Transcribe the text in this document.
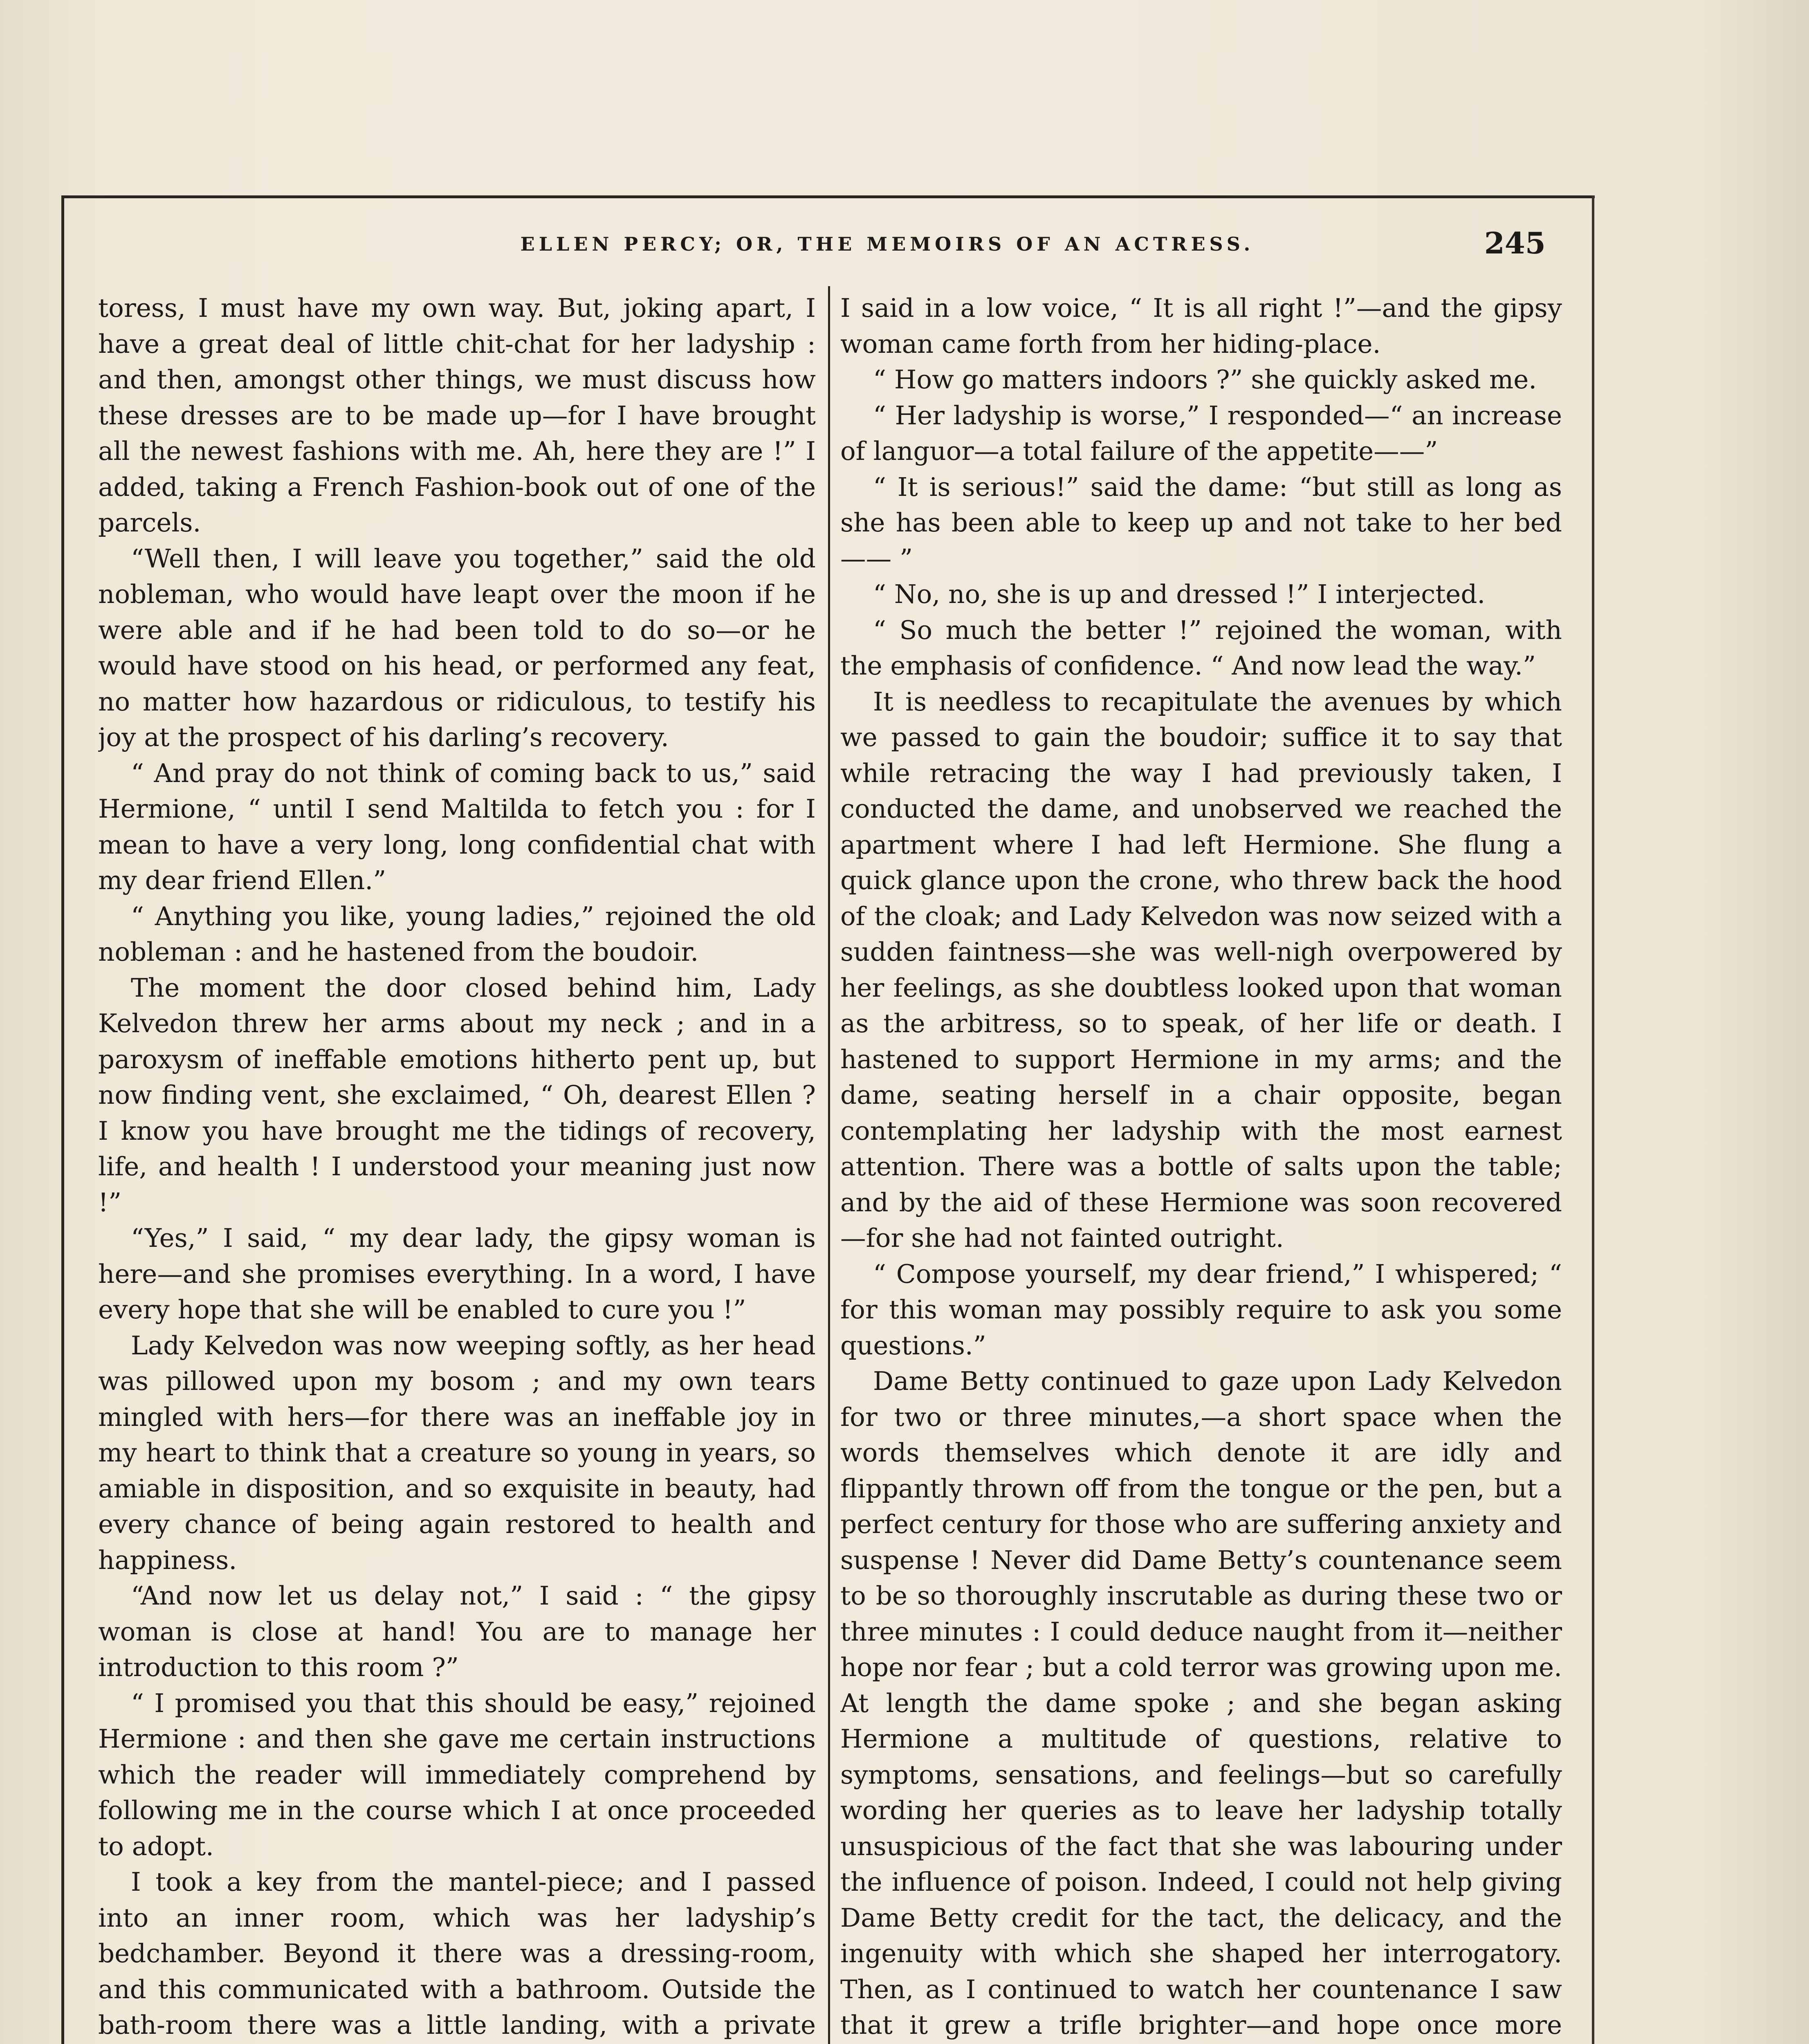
ELLEN PERCY; OR, THE MEMOIRS OF AN ACTRESS.	245

toress, I must have my own way. But, joking apart, I have a great deal of little chit-chat for her ladyship : and then, amongst other things, we must discuss how these dresses are to be made up—for I have brought all the newest fashions with me. Ah, here they are !” I added, taking a French Fashion-book out of one of the parcels.

“Well then, I will leave you together,” said the old nobleman, who would have leapt over the moon if he were able and if he had been told to do so—or he would have stood on his head, or performed any feat, no matter how hazardous or ridiculous, to testify his joy at the prospect of his darling’s recovery.

“ And pray do not think of coming back to us,” said Hermione, “ until I send Maltilda to fetch you : for I mean to have a very long, long confidential chat with my dear friend Ellen.”

“ Anything you like, young ladies,” rejoined the old nobleman : and he hastened from the boudoir.

The moment the door closed behind him, Lady Kelvedon threw her arms about my neck ; and in a paroxysm of ineffable emotions hitherto pent up, but now finding vent, she exclaimed, “ Oh, dearest Ellen ? I know you have brought me the tidings of recovery, life, and health ! I understood your meaning just now !”

“Yes,” I said, “ my dear lady, the gipsy woman is here—and she promises everything. In a word, I have every hope that she will be enabled to cure you !”

Lady Kelvedon was now weeping softly, as her head was pillowed upon my bosom ; and my own tears mingled with hers—for there was an ineffable joy in my heart to think that a creature so young in years, so amiable in disposition, and so exquisite in beauty, had every chance of being again restored to health and happiness.

“And now let us delay not,” I said : “ the gipsy woman is close at hand! You are to manage her introduction to this room ?”

“ I promised you that this should be easy,” rejoined Hermione : and then she gave me certain instructions which the reader will immediately comprehend by following me in the course which I at once proceeded to adopt.

I took a key from the mantel-piece; and I passed into an inner room, which was her ladyship’s bedchamber. Beyond it there was a dressing-room, and this communicated with a bathroom. Outside the bath-room there was a little landing, with a private

I said in a low voice, “ It is all right !”—and the gipsy woman came forth from her hiding-place.

“ How go matters indoors ?” she quickly asked me.

“ Her ladyship is worse,” I responded—“ an increase of languor—a total failure of the appetite——”

“ It is serious!” said the dame: “but still as long as she has been able to keep up and not take to her bed —— ”

“ No, no, she is up and dressed !” I interjected.

“ So much the better !” rejoined the woman, with the emphasis of confidence. “ And now lead the way.”

It is needless to recapitulate the avenues by which we passed to gain the boudoir; suffice it to say that while retracing the way I had previously taken, I conducted the dame, and unobserved we reached the apartment where I had left Hermione. She flung a quick glance upon the crone, who threw back the hood of the cloak; and Lady Kelvedon was now seized with a sudden faintness—she was well-nigh overpowered by her feelings, as she doubtless looked upon that woman as the arbitress, so to speak, of her life or death. I hastened to support Hermione in my arms; and the dame, seating herself in a chair opposite, began contemplating her ladyship with the most earnest attention. There was a bottle of salts upon the table; and by the aid of these Hermione was soon recovered—for she had not fainted outright.

“ Compose yourself, my dear friend,” I whispered; “ for this woman may possibly require to ask you some questions.”

Dame Betty continued to gaze upon Lady Kelvedon for two or three minutes,—a short space when the words themselves which denote it are idly and flippantly thrown off from the tongue or the pen, but a perfect century for those who are suffering anxiety and suspense ! Never did Dame Betty’s countenance seem to be so thoroughly inscrutable as during these two or three minutes : I could deduce naught from it—neither hope nor fear ; but a cold terror was growing upon me. At length the dame spoke ; and she began asking Hermione a multitude of questions, relative to symptoms, sensations, and feelings—but so carefully wording her queries as to leave her ladyship totally unsuspicious of the fact that she was labouring under the influence of poison. Indeed, I could not help giving Dame Betty credit for the tact, the delicacy, and the ingenuity with which she shaped her interrogatory. Then, as I continued to watch her countenance I saw that it grew a trifle brighter—and hope once more
